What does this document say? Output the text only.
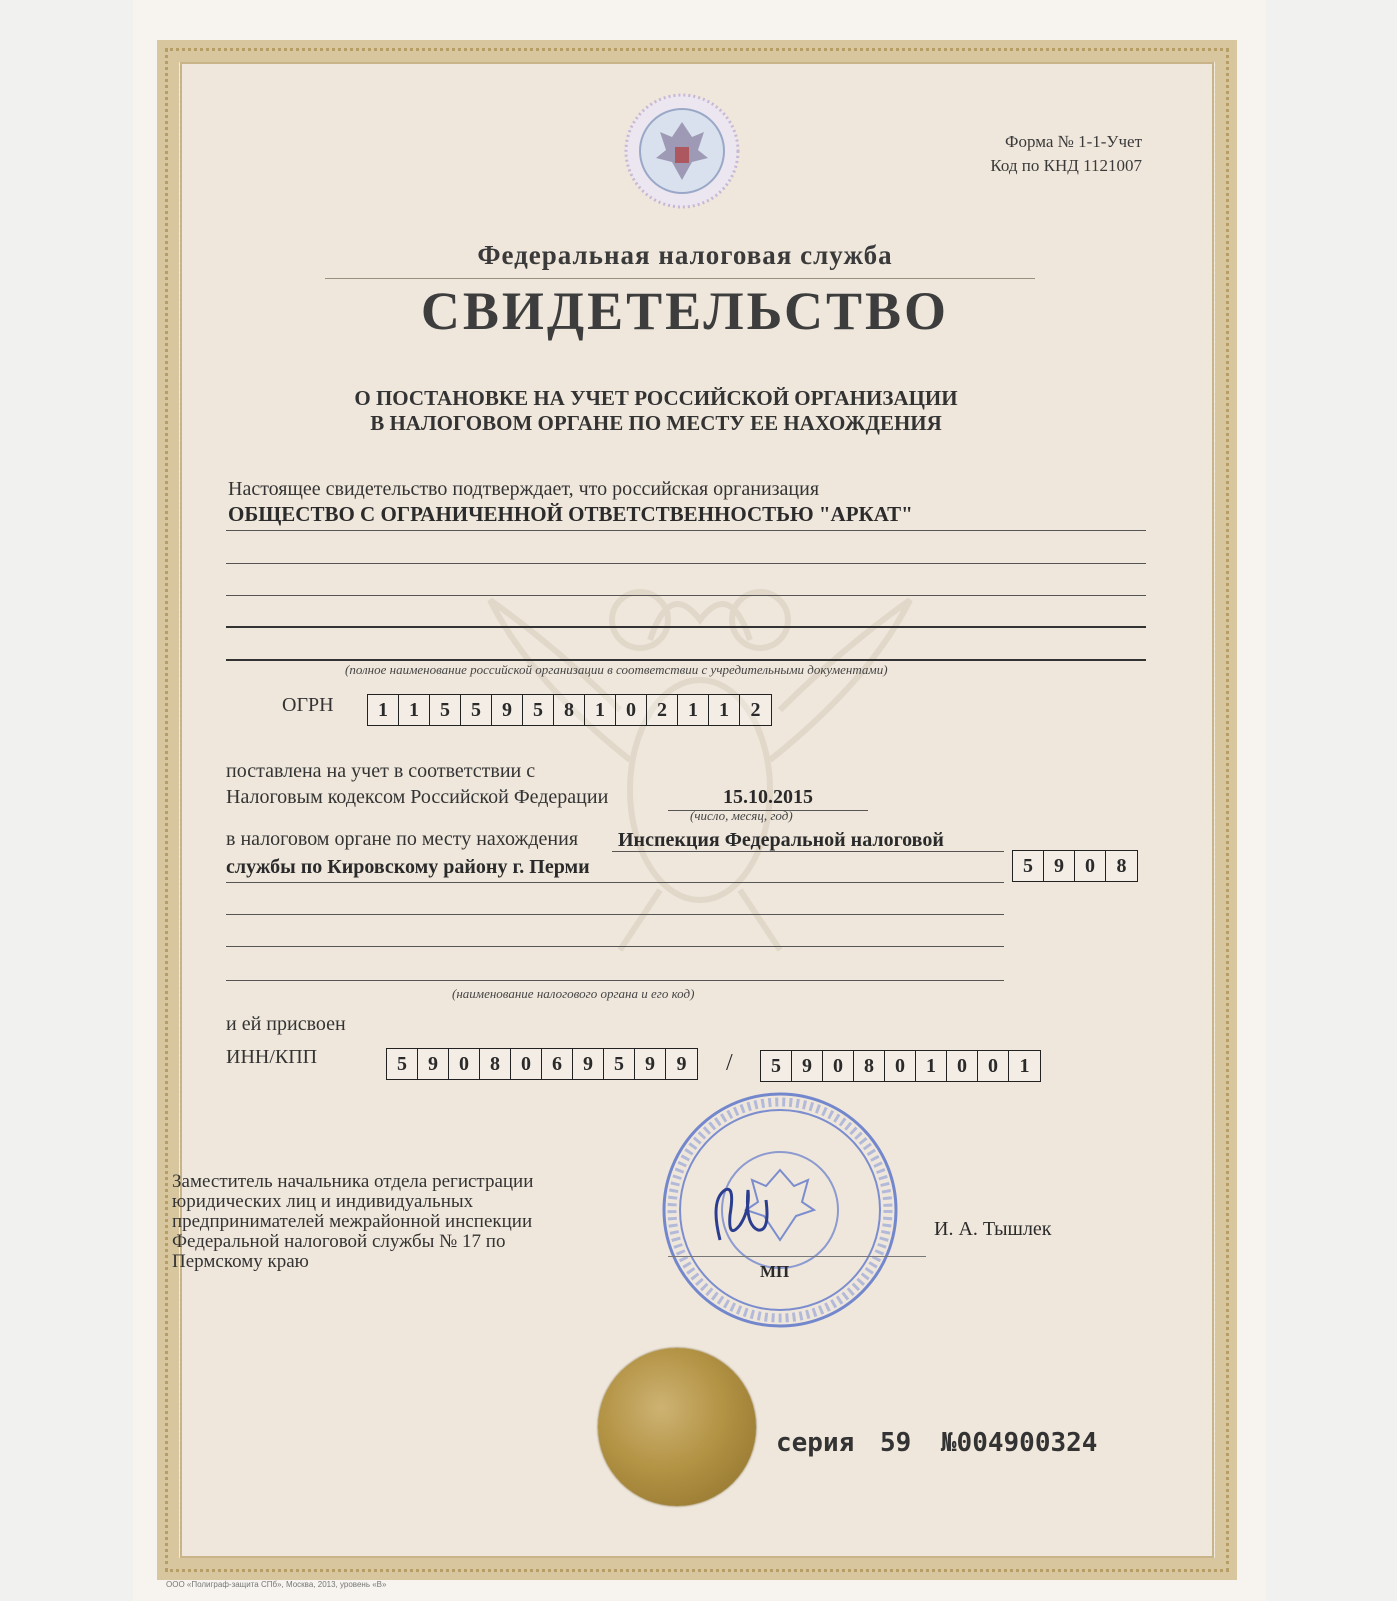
Форма № 1-1-Учет
Код по КНД 1121007
Федеральная налоговая служба
СВИДЕТЕЛЬСТВО
О ПОСТАНОВКЕ НА УЧЕТ РОССИЙСКОЙ ОРГАНИЗАЦИИ
В НАЛОГОВОМ ОРГАНЕ ПО МЕСТУ ЕЕ НАХОЖДЕНИЯ
Настоящее свидетельство подтверждает, что российская организация
ОБЩЕСТВО С ОГРАНИЧЕННОЙ ОТВЕТСТВЕННОСТЬЮ "АРКАТ"
(полное наименование российской организации в соответствии с учредительными документами)
ОГРН	1	1	5	5	9	5	8	1	0	2	1	1	2
поставлена на учет в соответствии с
Налоговым кодексом Российской Федерации	15.10.2015
(число, месяц, год)
в налоговом органе по месту нахождения Инспекция Федеральной налоговой
службы по Кировскому району г. Перми	5	9	0	8
(наименование налогового органа и его код)
и ей присвоен
ИНН/КПП	5	9	0	8	0	6	9	5	9	9	/	5	9	0	8	0	1	0	0	1
Заместитель начальника отдела регистрации
юридических лиц и индивидуальных
предпринимателей межрайонной инспекции
Федеральной налоговой службы № 17 по
Пермскому краю
И. А. Тышлек
МП
серия 59 №004900324
ООО «Полиграф-защита СПб», Москва, 2013, уровень «В»
